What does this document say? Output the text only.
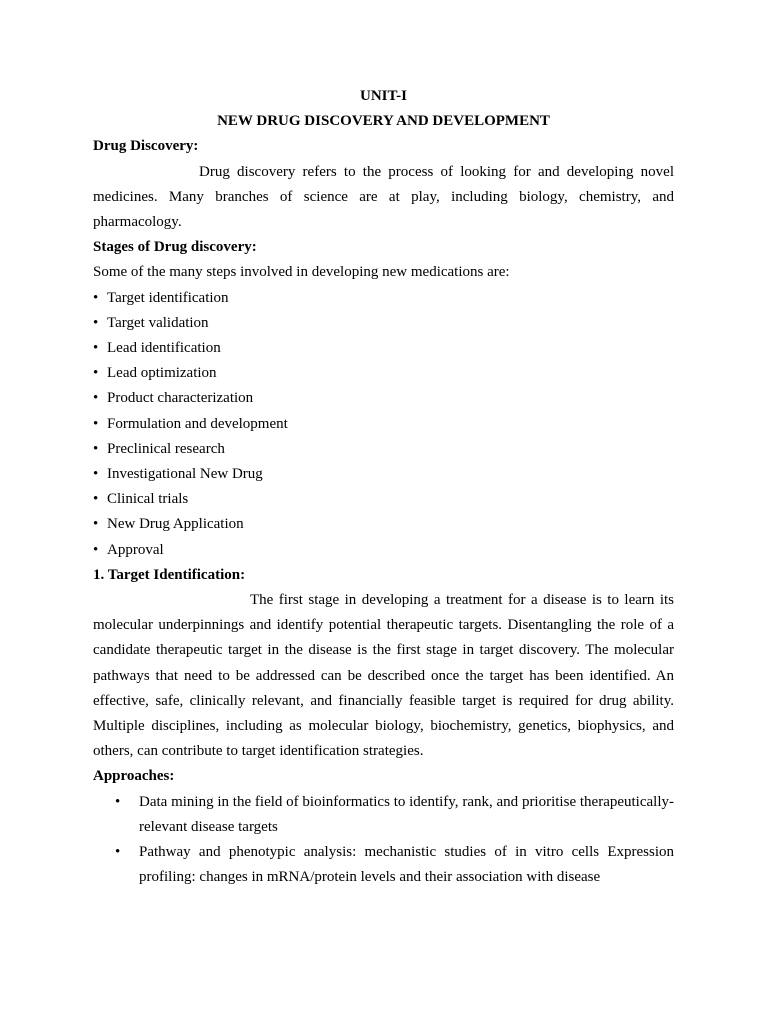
UNIT-I
NEW DRUG DISCOVERY AND DEVELOPMENT
Drug Discovery:
Drug discovery refers to the process of looking for and developing novel medicines. Many branches of science are at play, including biology, chemistry, and pharmacology.
Stages of Drug discovery:
Some of the many steps involved in developing new medications are:
• Target identification
• Target validation
• Lead identification
• Lead optimization
• Product characterization
• Formulation and development
• Preclinical research
• Investigational New Drug
• Clinical trials
• New Drug Application
• Approval
1. Target Identification:
The first stage in developing a treatment for a disease is to learn its molecular underpinnings and identify potential therapeutic targets. Disentangling the role of a candidate therapeutic target in the disease is the first stage in target discovery. The molecular pathways that need to be addressed can be described once the target has been identified. An effective, safe, clinically relevant, and financially feasible target is required for drug ability. Multiple disciplines, including as molecular biology, biochemistry, genetics, biophysics, and others, can contribute to target identification strategies.
Approaches:
• Data mining in the field of bioinformatics to identify, rank, and prioritise therapeutically-relevant disease targets
• Pathway and phenotypic analysis: mechanistic studies of in vitro cells Expression profiling: changes in mRNA/protein levels and their association with disease
